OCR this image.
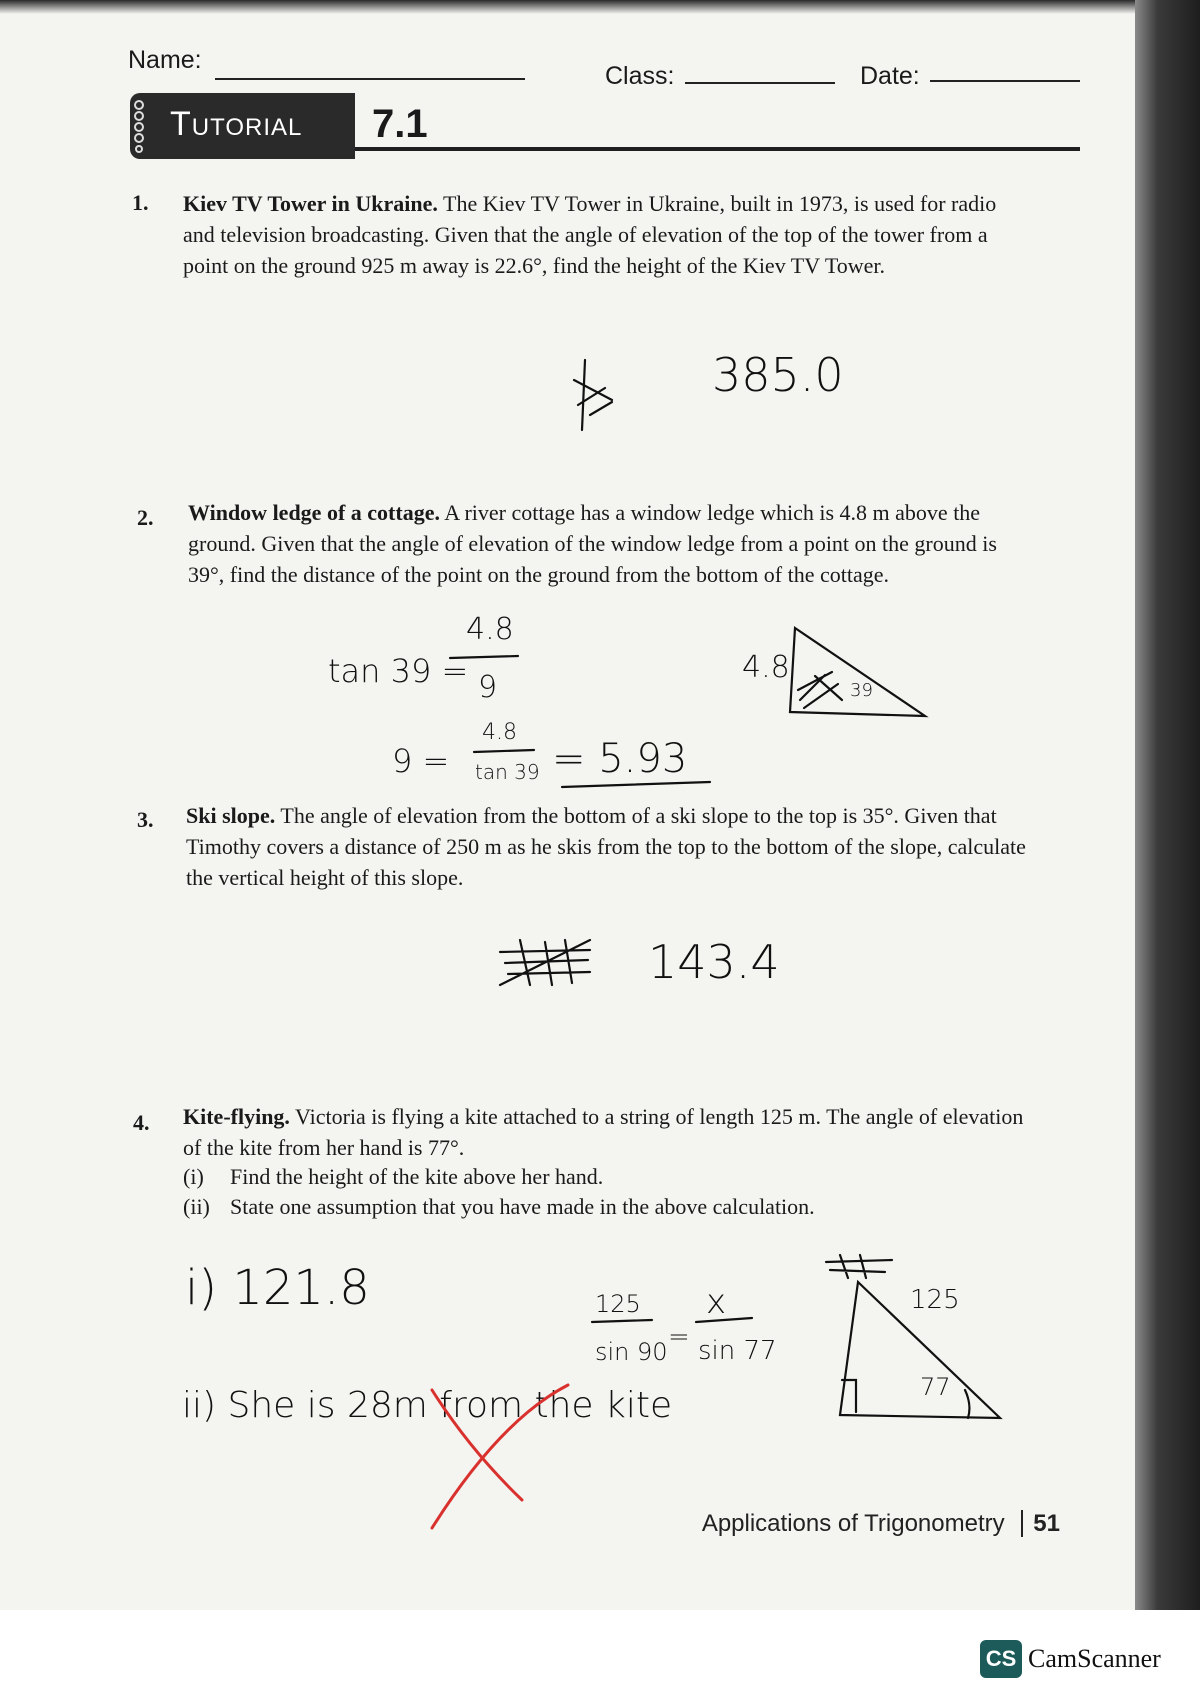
Name:
Class:	Date:
Tutorial 7.1
1. Kiev TV Tower in Ukraine. The Kiev TV Tower in Ukraine, built in 1973, is used for radio
and television broadcasting. Given that the angle of elevation of the top of the tower from a
point on the ground 925 m away is 22.6°, find the height of the Kiev TV Tower.
2. Window ledge of a cottage. A river cottage has a window ledge which is 4.8 m above the
ground. Given that the angle of elevation of the window ledge from a point on the ground is
39°, find the distance of the point on the ground from the bottom of the cottage.
3. Ski slope. The angle of elevation from the bottom of a ski slope to the top is 35°. Given that
Timothy covers a distance of 250 m as he skis from the top to the bottom of the slope, calculate
the vertical height of this slope.
4. Kite-flying. Victoria is flying a kite attached to a string of length 125 m. The angle of elevation
of the kite from her hand is 77°.
(i) Find the height of the kite above her hand.
(ii) State one assumption that you have made in the above calculation.
385.0
tan 39 =
4.8
9
9 =
4.8
tan 39 = 5.93
4.8
39
143.4
i) 121.8	125
sin 90 =
x
sin 77
ii) She is 28m from the kite
125
77
Applications of Trigonometry 51
CS CamScanner
